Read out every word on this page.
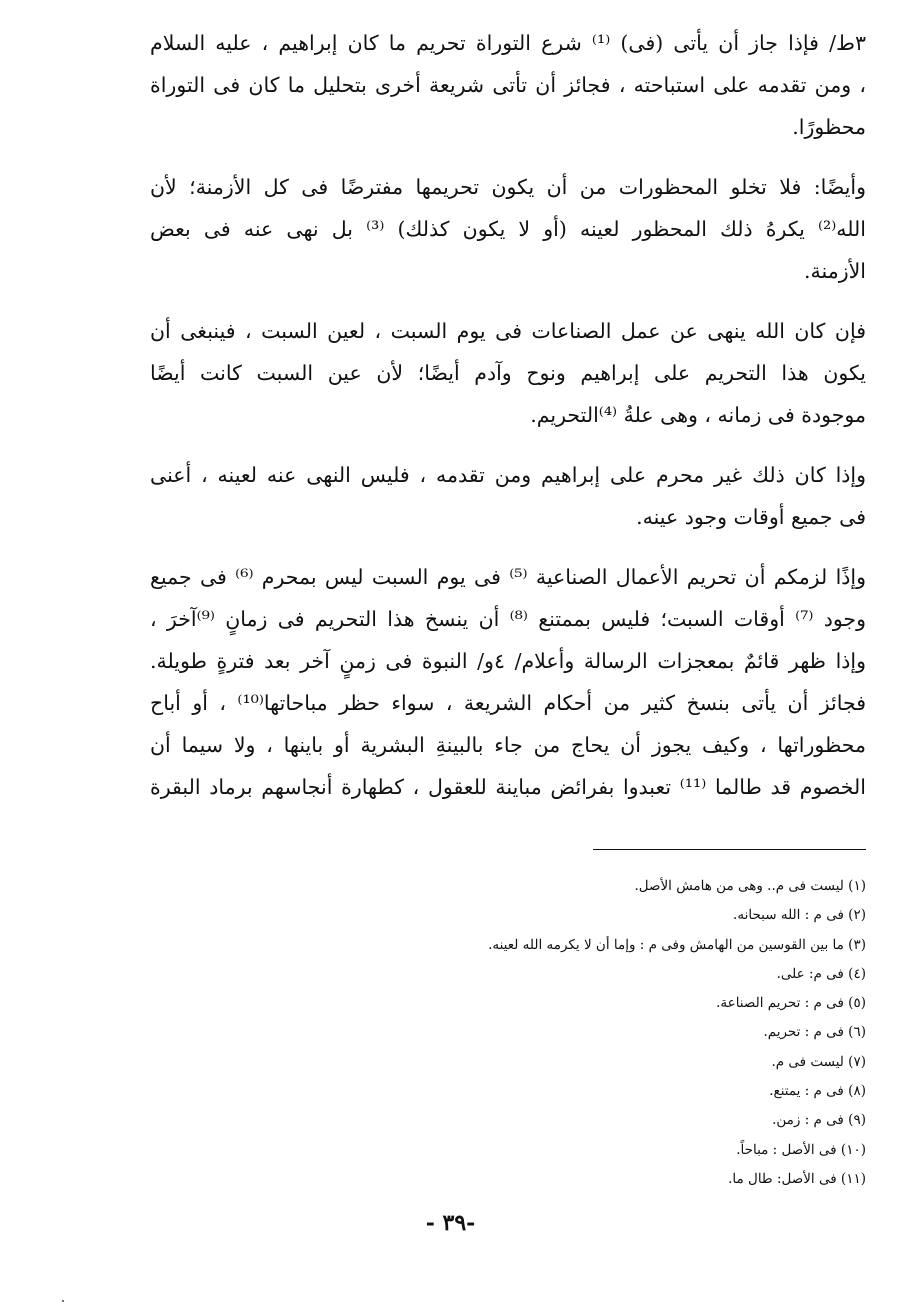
٣ط/ فإذا جاز أن يأتى (فى) ⁽¹⁾ شرع التوراة تحريم ما كان إبراهيم ، عليه السلام
، ومن تقدمه على استباحته ، فجائز أن تأتى شريعة أخرى بتحليل ما كان فى التوراة
محظورًا.
وأيضًا: فلا تخلو المحظورات من أن يكون تحريمها مفترضًا فى كل الأزمنة؛ لأن
الله⁽²⁾ يكرهُ ذلك المحظور لعينه (أو لا يكون كذلك) ⁽³⁾ بل نهى عنه فى بعض
الأزمنة.
فإن كان الله ينهى عن عمل الصناعات فى يوم السبت ، لعين السبت ، فينبغى أن
يكون هذا التحريم على إبراهيم ونوح وآدم أيضًا؛ لأن عين السبت كانت أيضًا
موجودة فى زمانه ، وهى علةُ ⁽⁴⁾التحريم.
وإذا كان ذلك غير محرم على إبراهيم ومن تقدمه ، فليس النهى عنه لعينه ، أعنى
فى جميع أوقات وجود عينه.
وإذًا لزمكم أن تحريم الأعمال الصناعية ⁽⁵⁾ فى يوم السبت ليس بمحرم ⁽⁶⁾ فى جميع
وجود ⁽⁷⁾ أوقات السبت؛ فليس بممتنع ⁽⁸⁾ أن ينسخ هذا التحريم فى زمانٍ ⁽⁹⁾آخرَ ،
وإذا ظهر قائمٌ بمعجزات الرسالة وأعلام/ ٤و/ النبوة فى زمنٍ آخر بعد فترةٍ طويلة.
فجائز أن يأتى بنسخ كثير من أحكام الشريعة ، سواء حظر مباحاتها⁽¹⁰⁾ ، أو أباح
محظوراتها ، وكيف يجوز أن يحاج من جاء بالبينةِ البشرية أو باينها ، ولا سيما أن
الخصوم قد طالما ⁽¹¹⁾ تعبدوا بفرائض مباينة للعقول ، كطهارة أنجاسهم برماد البقرة
(١) ليست فى م.. وهى من هامش الأصل.
(٢) فى م : الله سبحانه.
(٣) ما بين القوسين من الهامش وفى م : وإما أن لا يكرمه الله لعينه.
(٤) فى م: على.
(٥) فى م : تحريم الصناعة.
(٦) فى م : تحريم.
(٧) ليست فى م.
(٨) فى م : يمتنع.
(٩) فى م : زمن.
(١٠) فى الأصل : مباحاً.
(١١) فى الأصل: طال ما.
-٣٩ -
